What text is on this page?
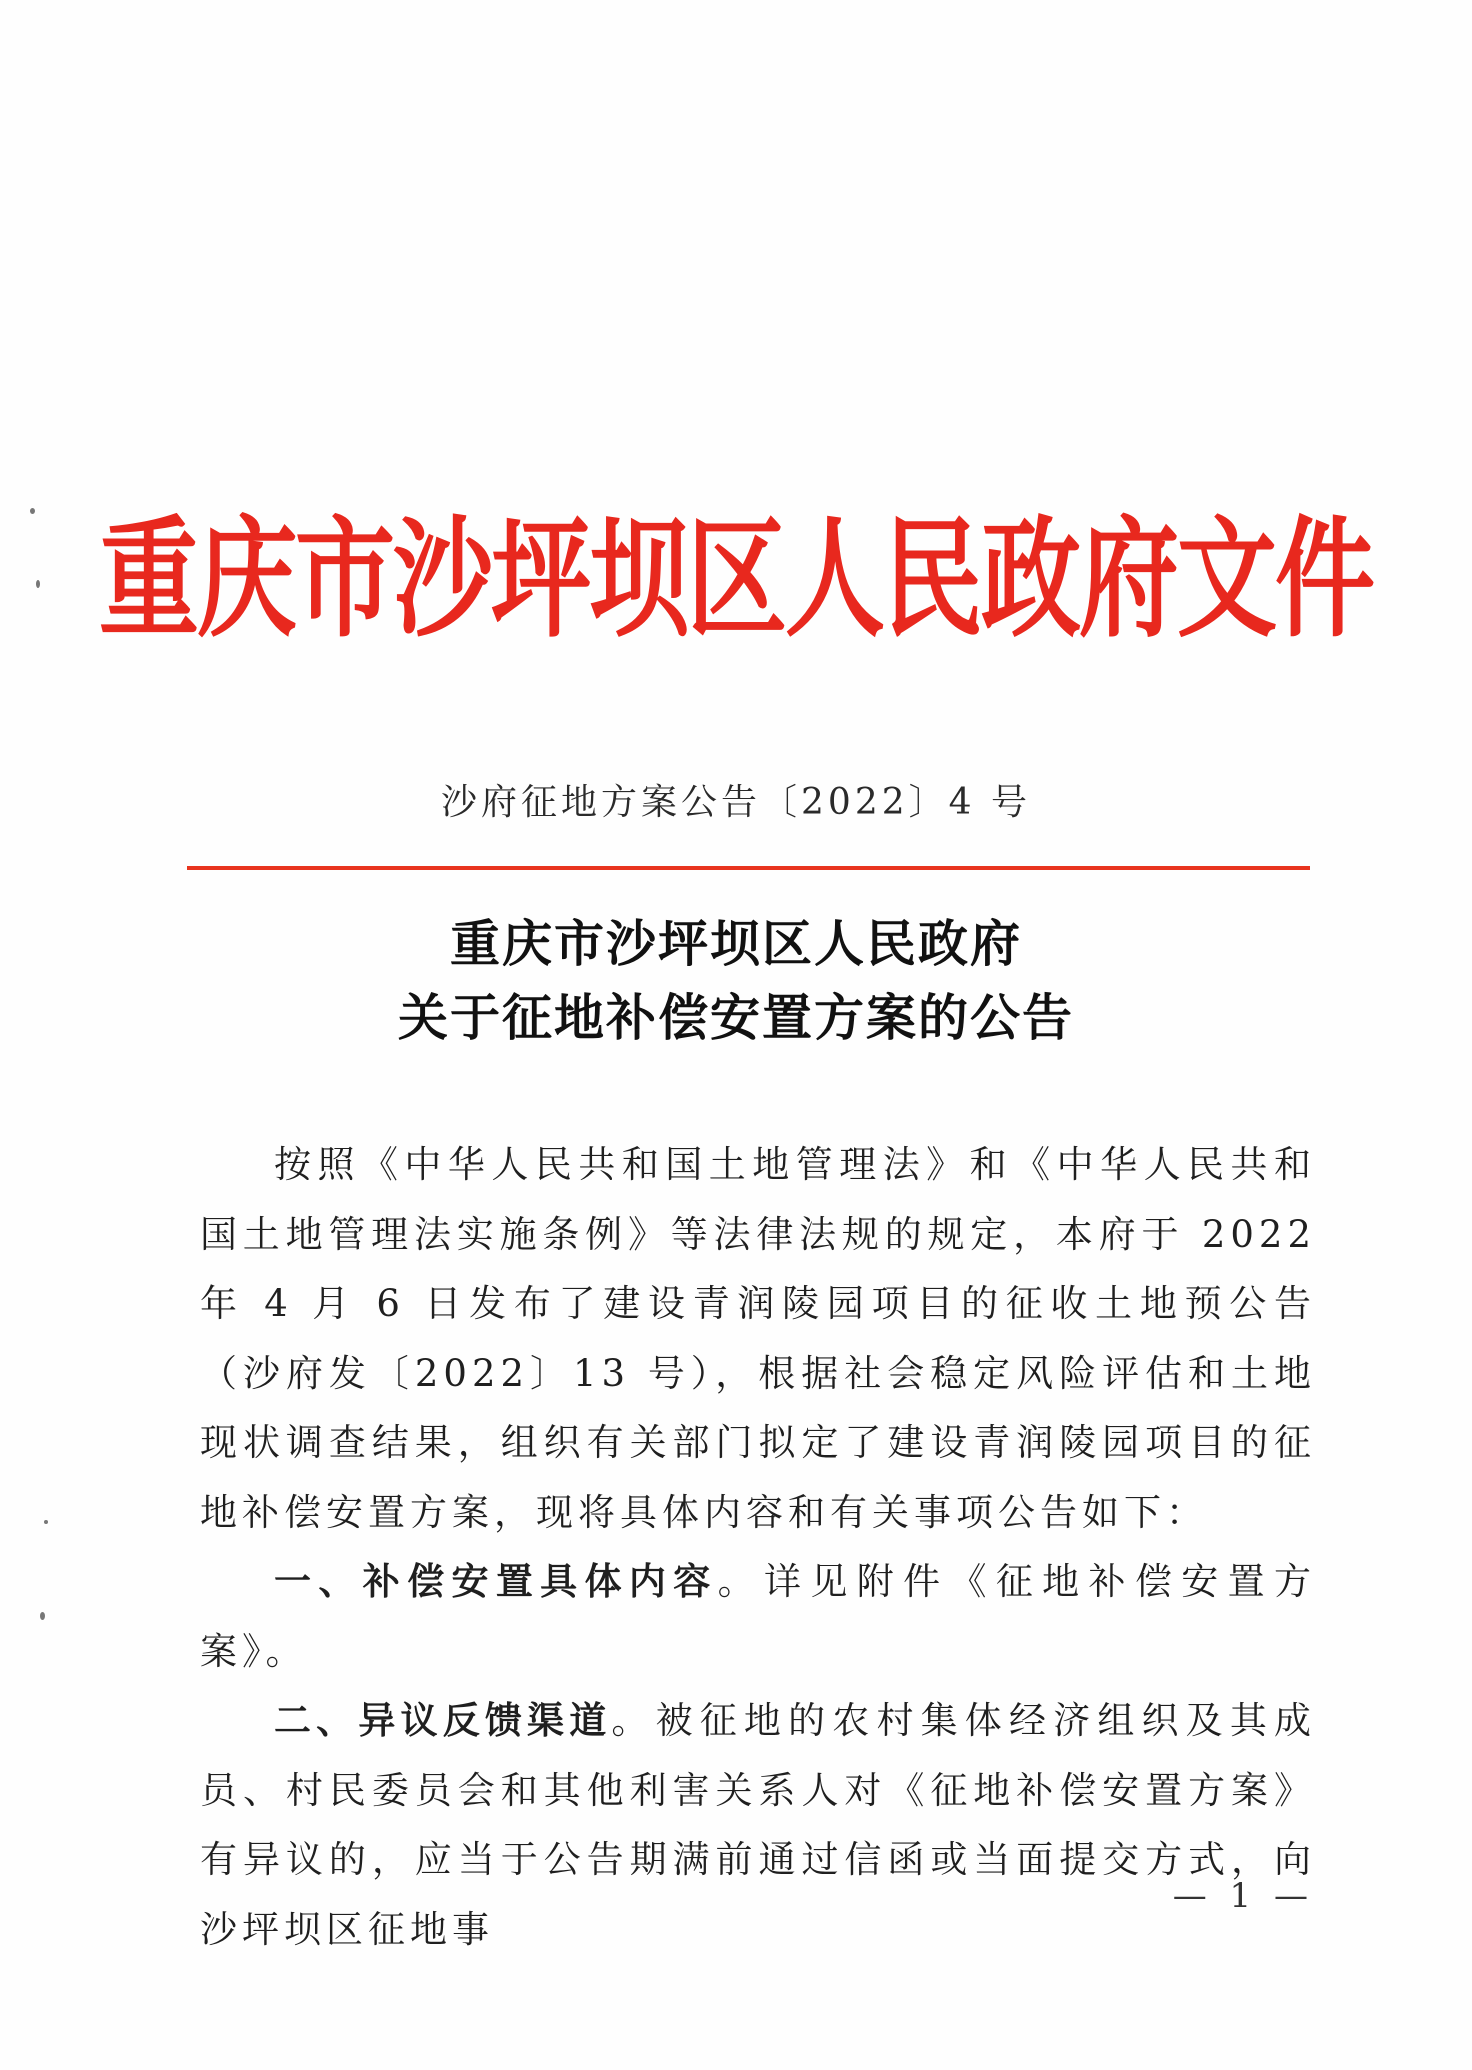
重庆市沙坪坝区人民政府文件
沙府征地方案公告〔2022〕4 号
重庆市沙坪坝区人民政府
关于征地补偿安置方案的公告

按照《中华人民共和国土地管理法》和《中华人民共和国土地管理法实施条例》等法律法规的规定，本府于 2022 年 4 月 6 日发布了建设青润陵园项目的征收土地预公告（沙府发〔2022〕13 号），根据社会稳定风险评估和土地现状调查结果，组织有关部门拟定了建设青润陵园项目的征地补偿安置方案，现将具体内容和有关事项公告如下：

一、补偿安置具体内容。详见附件《征地补偿安置方案》。

二、异议反馈渠道。被征地的农村集体经济组织及其成员、村民委员会和其他利害关系人对《征地补偿安置方案》有异议的，应当于公告期满前通过信函或当面提交方式，向沙坪坝区征地事

— 1 —
